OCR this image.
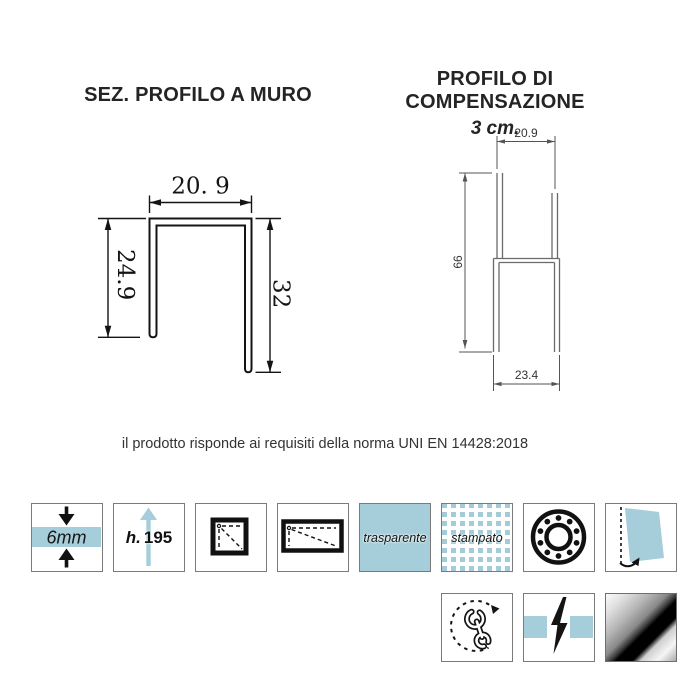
SEZ. PROFILO A MURO
PROFILO DI COMPENSAZIONE
3 cm.
20. 9
24.9	32
20.9
66
23.4
il prodotto risponde ai requisiti della norma UNI EN 14428:2018
6mm h. 195	trasparente	stampato
